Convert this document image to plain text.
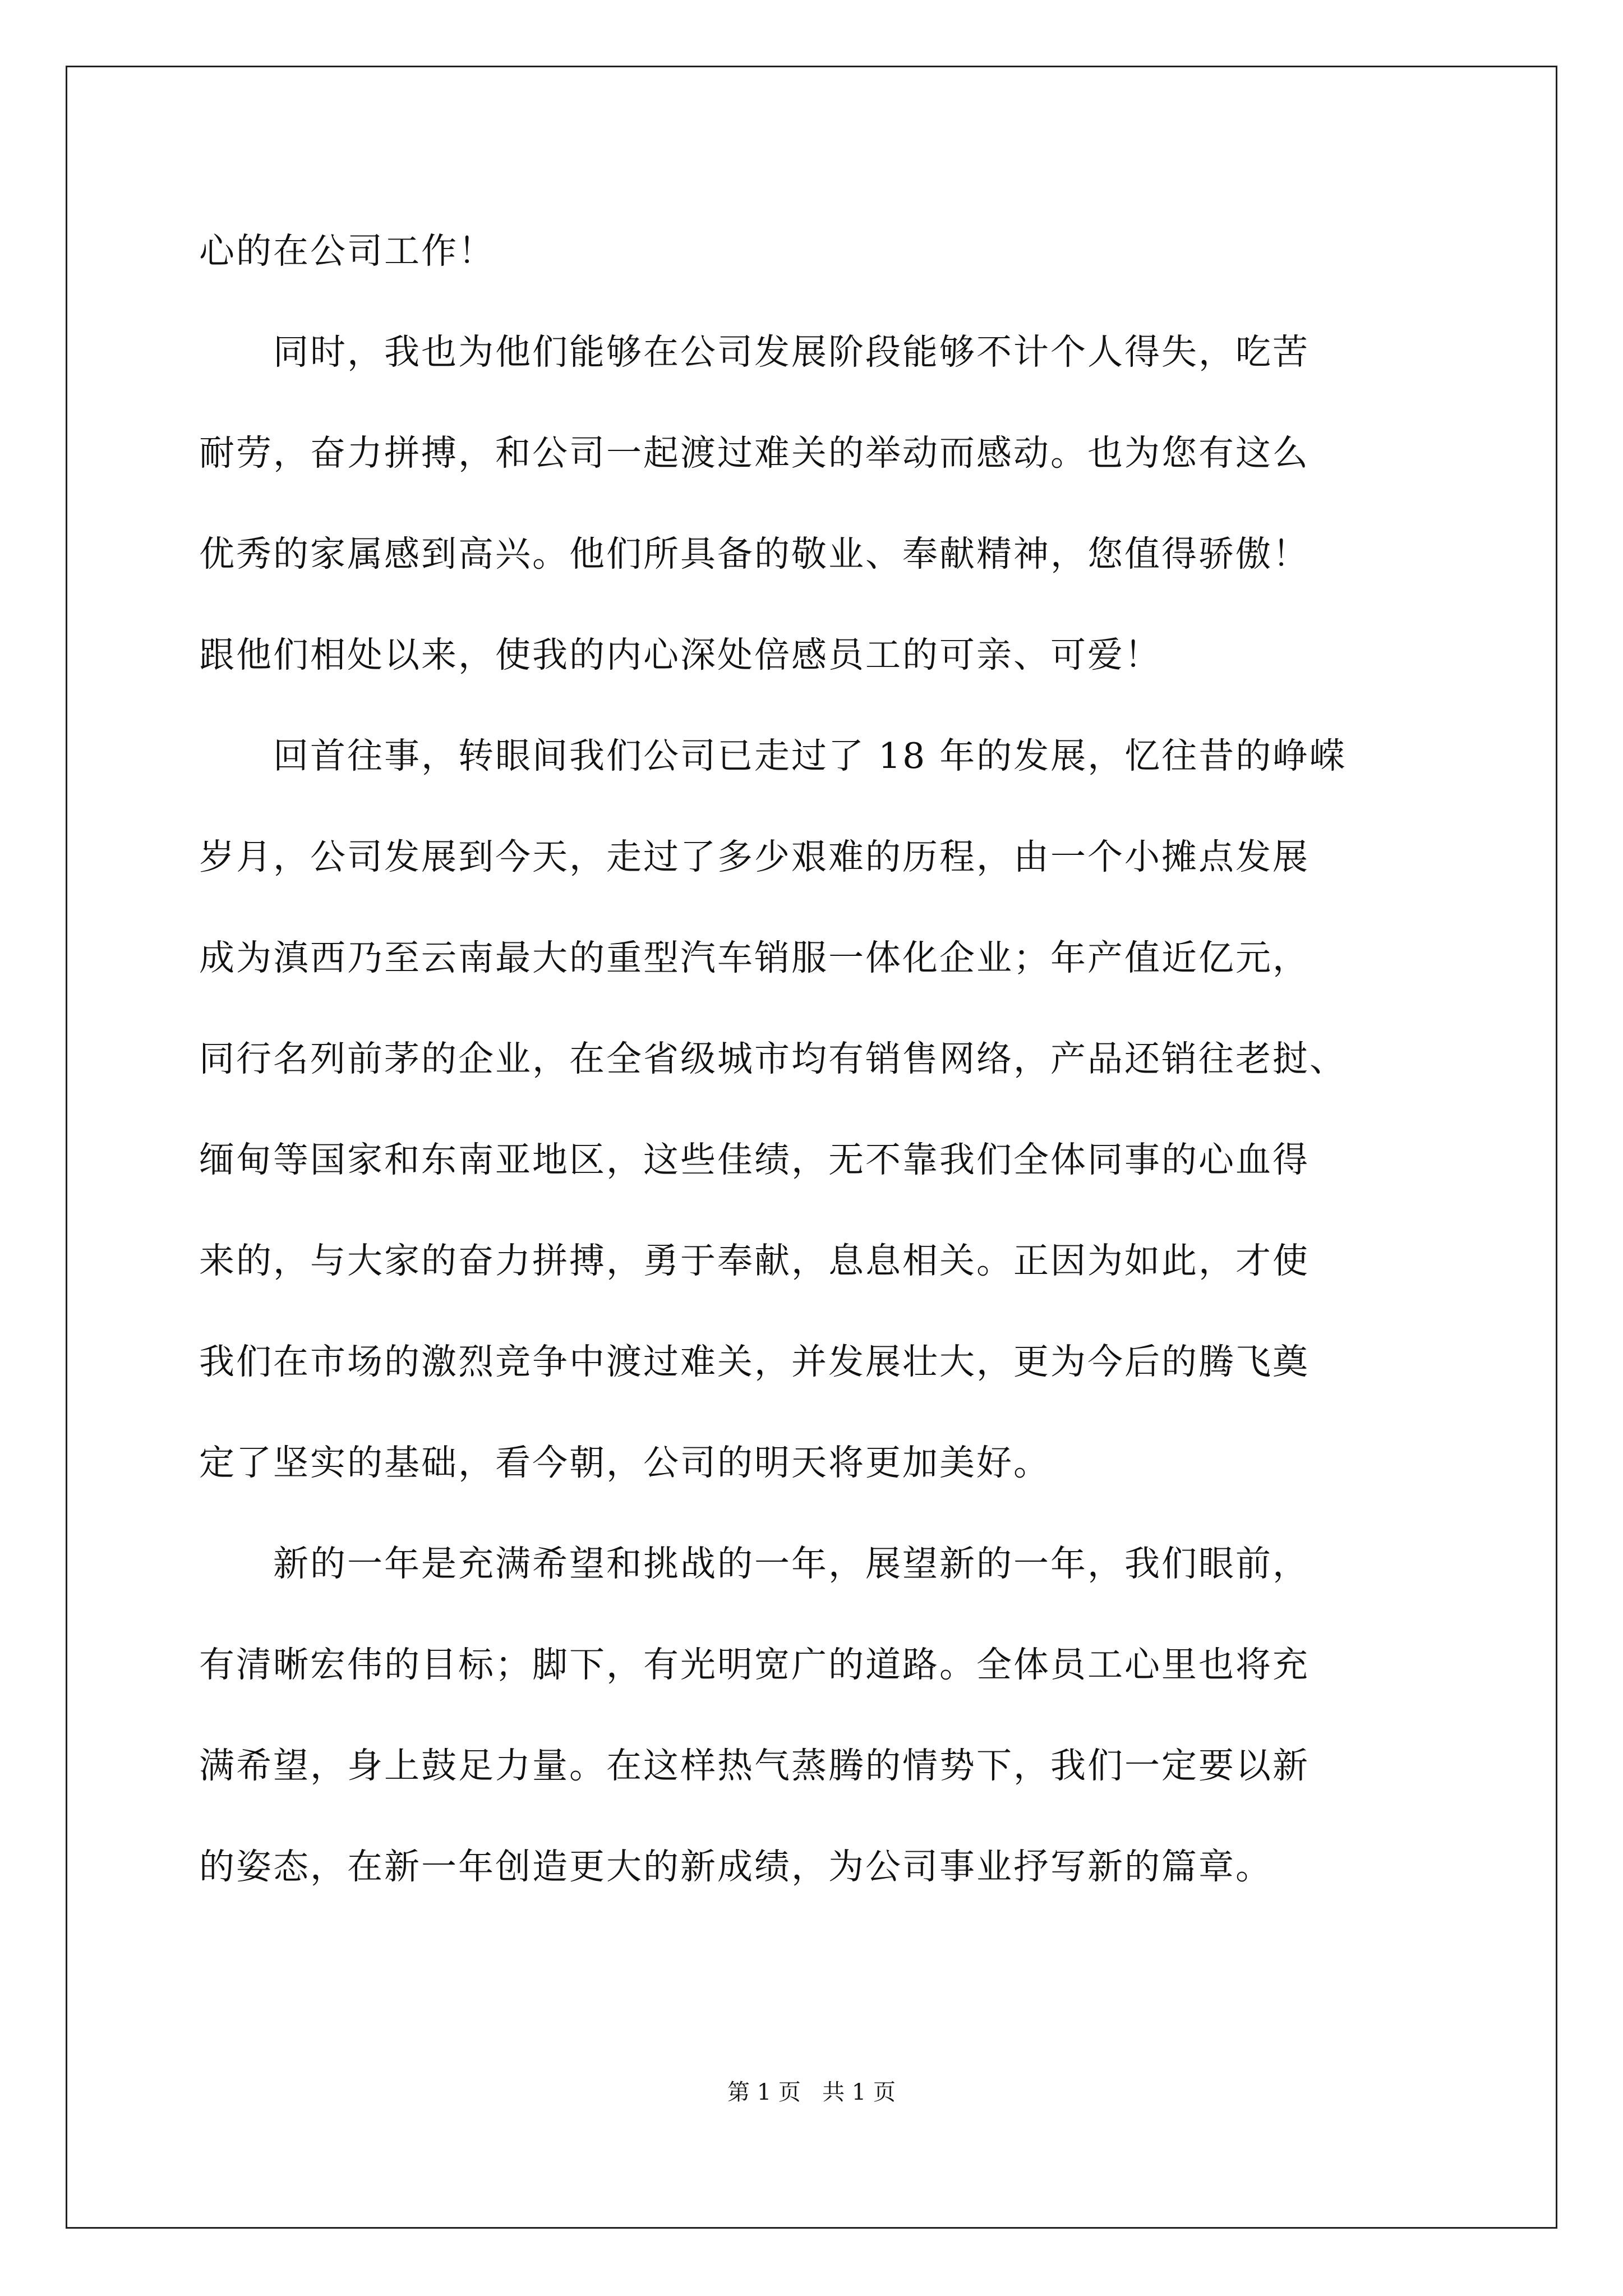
心的在公司工作！
　　同时，我也为他们能够在公司发展阶段能够不计个人得失，吃苦
耐劳，奋力拼搏，和公司一起渡过难关的举动而感动。也为您有这么
优秀的家属感到高兴。他们所具备的敬业、奉献精神，您值得骄傲！
跟他们相处以来，使我的内心深处倍感员工的可亲、可爱！
　　回首往事，转眼间我们公司已走过了 18 年的发展，忆往昔的峥嵘
岁月，公司发展到今天，走过了多少艰难的历程，由一个小摊点发展
成为滇西乃至云南最大的重型汽车销服一体化企业；年产值近亿元，
同行名列前茅的企业，在全省级城市均有销售网络，产品还销往老挝、
缅甸等国家和东南亚地区，这些佳绩，无不靠我们全体同事的心血得
来的，与大家的奋力拼搏，勇于奉献，息息相关。正因为如此，才使
我们在市场的激烈竞争中渡过难关，并发展壮大，更为今后的腾飞奠
定了坚实的基础，看今朝，公司的明天将更加美好。
　　新的一年是充满希望和挑战的一年，展望新的一年，我们眼前，
有清晰宏伟的目标；脚下，有光明宽广的道路。全体员工心里也将充
满希望，身上鼓足力量。在这样热气蒸腾的情势下，我们一定要以新
的姿态，在新一年创造更大的新成绩，为公司事业抒写新的篇章。
第 1 页   共 1 页
